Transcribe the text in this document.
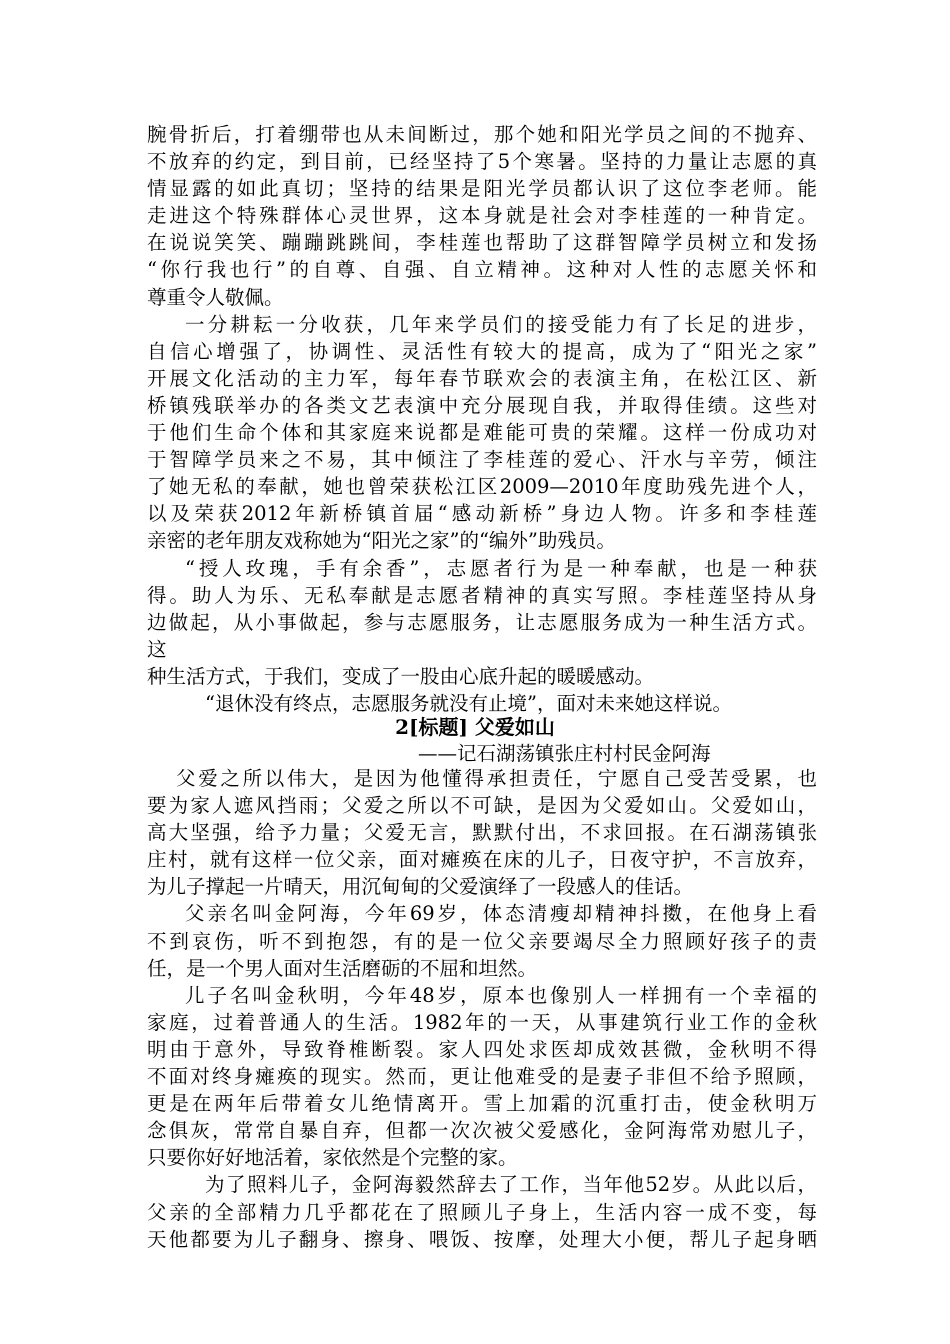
腕骨折后，打着绷带也从未间断过，那个她和阳光学员之间的不抛弃、
不放弃的约定，到目前，已经坚持了5个寒暑。坚持的力量让志愿的真
情显露的如此真切；坚持的结果是阳光学员都认识了这位李老师。能
走进这个特殊群体心灵世界，这本身就是社会对李桂莲的一种肯定。
在说说笑笑、蹦蹦跳跳间，李桂莲也帮助了这群智障学员树立和发扬
“你行我也行”的自尊、自强、自立精神。这种对人性的志愿关怀和
尊重令人敬佩。
一分耕耘一分收获，几年来学员们的接受能力有了长足的进步，
自信心增强了，协调性、灵活性有较大的提高，成为了“阳光之家”
开展文化活动的主力军，每年春节联欢会的表演主角，在松江区、新
桥镇残联举办的各类文艺表演中充分展现自我，并取得佳绩。这些对
于他们生命个体和其家庭来说都是难能可贵的荣耀。这样一份成功对
于智障学员来之不易，其中倾注了李桂莲的爱心、汗水与辛劳，倾注
了她无私的奉献，她也曾荣获松江区2009—2010年度助残先进个人，
以及荣获2012年新桥镇首届“感动新桥”身边人物。许多和李桂莲
亲密的老年朋友戏称她为“阳光之家”的“编外”助残员。
“授人玫瑰，手有余香”，志愿者行为是一种奉献，也是一种获
得。助人为乐、无私奉献是志愿者精神的真实写照。李桂莲坚持从身
边做起，从小事做起，参与志愿服务，让志愿服务成为一种生活方式。
这
种生活方式，于我们，变成了一股由心底升起的暖暖感动。
“退休没有终点，志愿服务就没有止境”，面对未来她这样说。
2[标题] 父爱如山
——记石湖荡镇张庄村村民金阿海
父爱之所以伟大，是因为他懂得承担责任，宁愿自己受苦受累，也
要为家人遮风挡雨；父爱之所以不可缺，是因为父爱如山。父爱如山，
高大坚强，给予力量；父爱无言，默默付出，不求回报。在石湖荡镇张
庄村，就有这样一位父亲，面对瘫痪在床的儿子，日夜守护，不言放弃，
为儿子撑起一片晴天，用沉甸甸的父爱演绎了一段感人的佳话。
父亲名叫金阿海，今年69岁，体态清瘦却精神抖擞，在他身上看
不到哀伤，听不到抱怨，有的是一位父亲要竭尽全力照顾好孩子的责
任，是一个男人面对生活磨砺的不屈和坦然。
儿子名叫金秋明，今年48岁，原本也像别人一样拥有一个幸福的
家庭，过着普通人的生活。1982年的一天，从事建筑行业工作的金秋
明由于意外，导致脊椎断裂。家人四处求医却成效甚微，金秋明不得
不面对终身瘫痪的现实。然而，更让他难受的是妻子非但不给予照顾，
更是在两年后带着女儿绝情离开。雪上加霜的沉重打击，使金秋明万
念俱灰，常常自暴自弃，但都一次次被父爱感化，金阿海常劝慰儿子，
只要你好好地活着，家依然是个完整的家。
为了照料儿子，金阿海毅然辞去了工作，当年他52岁。从此以后，
父亲的全部精力几乎都花在了照顾儿子身上，生活内容一成不变，每
天他都要为儿子翻身、擦身、喂饭、按摩，处理大小便，帮儿子起身晒
